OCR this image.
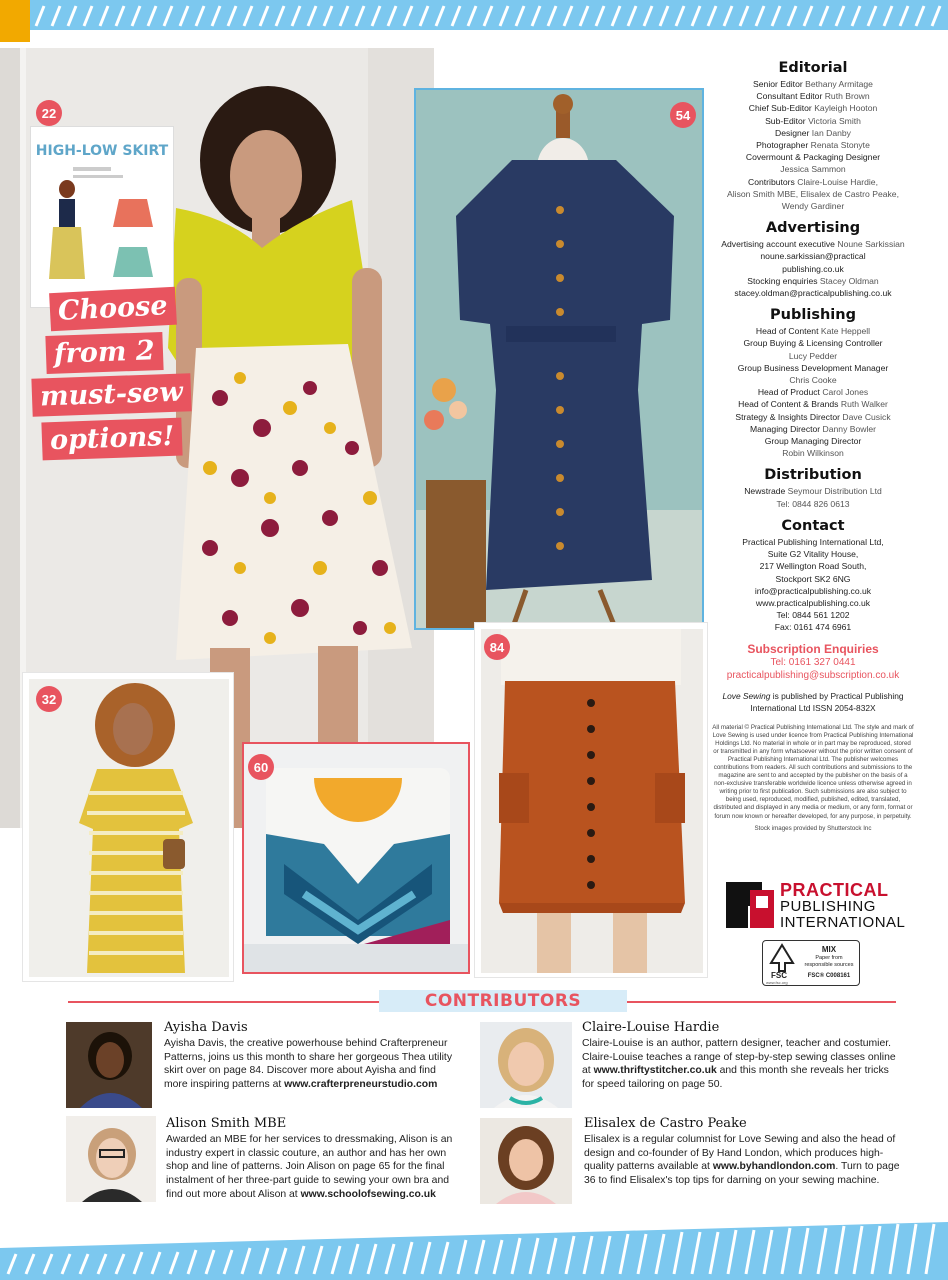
HIGH-LOW SKIRT
Choose
from 2
must-sew
options!
22	54
32
60
84
Editorial
Senior Editor Bethany Armitage
Consultant Editor Ruth Brown
Chief Sub-Editor Kayleigh Hooton
Sub-Editor Victoria Smith
Designer Ian Danby
Photographer Renata Stonyte
Covermount & Packaging Designer
Jessica Sammon
Contributors Claire-Louise Hardie,
Alison Smith MBE, Elisalex de Castro Peake,
Wendy Gardiner
Advertising
Advertising account executive Noune Sarkissian
noune.sarkissian@practical
publishing.co.uk
Stocking enquiries Stacey Oldman
stacey.oldman@practicalpublishing.co.uk
Publishing
Head of Content Kate Heppell
Group Buying & Licensing Controller
Lucy Pedder
Group Business Development Manager
Chris Cooke
Head of Product Carol Jones
Head of Content & Brands Ruth Walker
Strategy & Insights Director Dave Cusick
Managing Director Danny Bowler
Group Managing Director
Robin Wilkinson
Distribution
Newstrade Seymour Distribution Ltd
Tel: 0844 826 0613
Contact
Practical Publishing International Ltd,
Suite G2 Vitality House,
217 Wellington Road South,
Stockport SK2 6NG
info@practicalpublishing.co.uk
www.practicalpublishing.co.uk
Tel: 0844 561 1202
Fax: 0161 474 6961
Subscription Enquiries
Tel: 0161 327 0441
practicalpublishing@subscription.co.uk
Love Sewing is published by Practical Publishing International Ltd ISSN 2054-832X
All material © Practical Publishing International Ltd. The style and mark of Love Sewing is used under licence from Practical Publishing International Holdings Ltd. No material in whole or in part may be reproduced, stored or transmitted in any form whatsoever without the prior written consent of Practical Publishing International Ltd. The publisher welcomes contributions from readers. All such contributions and submissions to the magazine are sent to and accepted by the publisher on the basis of a non-exclusive transferable worldwide licence unless otherwise agreed in writing prior to first publication. Such submissions are also subject to being used, reproduced, modified, published, edited, translated, distributed and displayed in any media or medium, or any form, format or forum now known or hereafter developed, for any purpose, in perpetuity.
Stock images provided by Shutterstock Inc
PRACTICAL
PUBLISHING
INTERNATIONAL
FSC
www.fsc.org
MIX
Paper from
responsible sources
FSC® C008161
CONTRIBUTORS
Ayisha Davis
Ayisha Davis, the creative powerhouse behind Crafterpreneur Patterns, joins us this month to share her gorgeous Thea utility skirt over on page 84. Discover more about Ayisha and find more inspiring patterns at www.crafterpreneurstudio.com
Claire-Louise Hardie
Claire-Louise is an author, pattern designer, teacher and costumier. Claire-Louise teaches a range of step-by-step sewing classes online at www.thriftystitcher.co.uk and this month she reveals her tricks for speed tailoring on page 50.
Alison Smith MBE
Awarded an MBE for her services to dressmaking, Alison is an industry expert in classic couture, an author and has her own shop and line of patterns. Join Alison on page 65 for the final instalment of her three-part guide to sewing your own bra and find out more about Alison at www.schoolofsewing.co.uk
Elisalex de Castro Peake
Elisalex is a regular columnist for Love Sewing and also the head of design and co-founder of By Hand London, which produces high-quality patterns available at www.byhandlondon.com. Turn to page 36 to find Elisalex's top tips for darning on your sewing machine.
